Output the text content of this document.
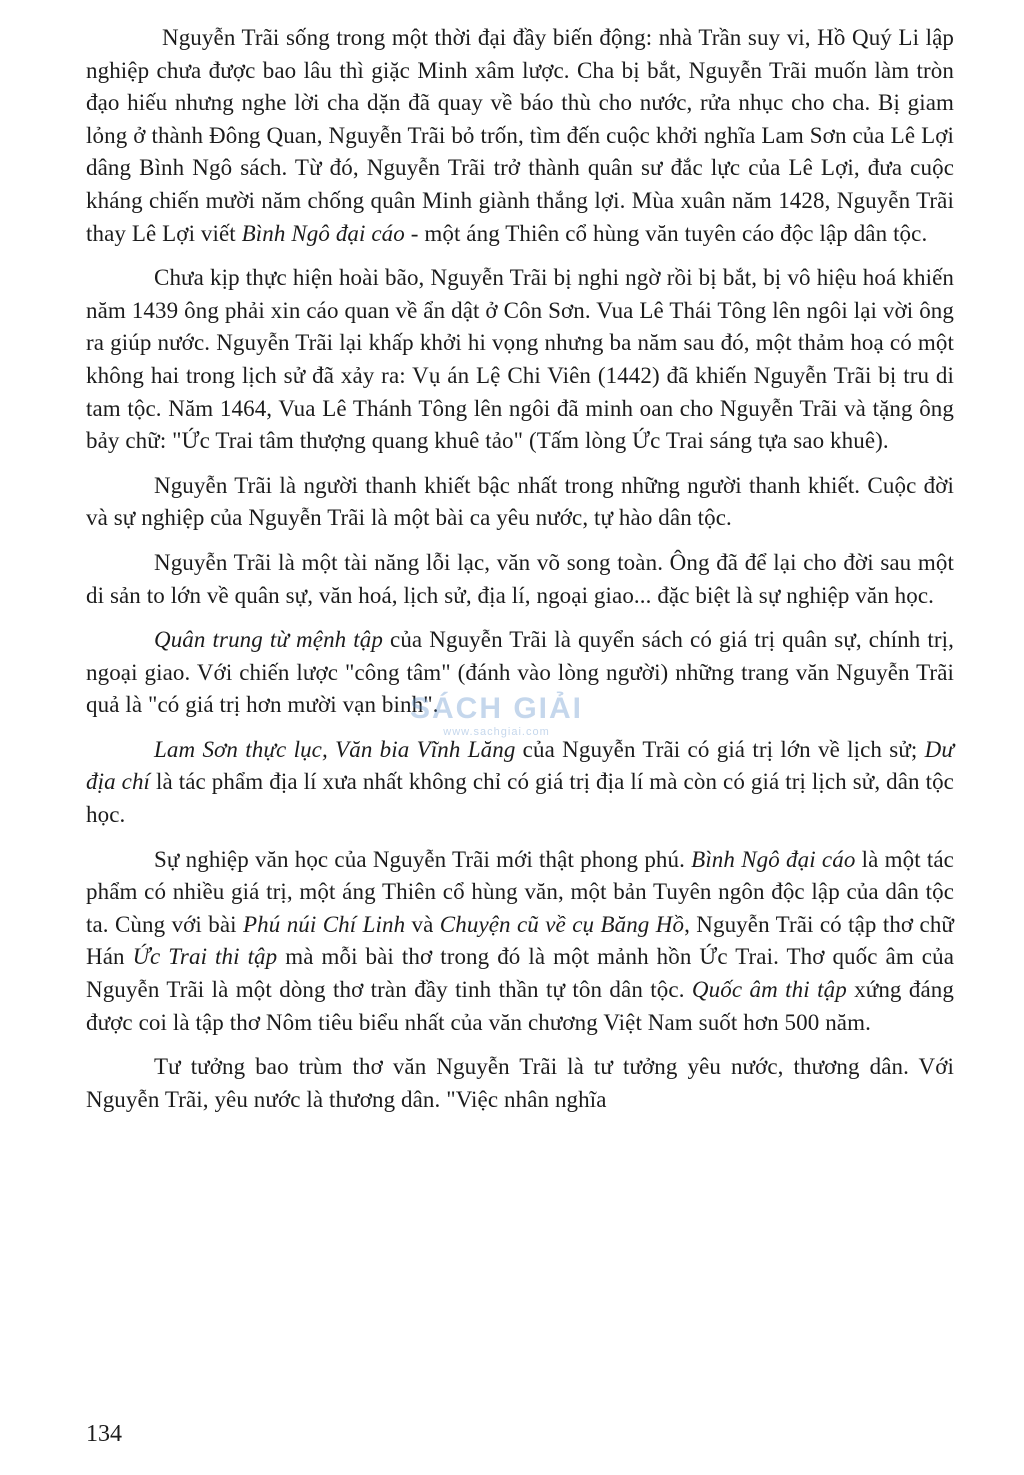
Nguyễn Trãi sống trong một thời đại đầy biến động: nhà Trần suy vi, Hồ Quý Li lập nghiệp chưa được bao lâu thì giặc Minh xâm lược. Cha bị bắt, Nguyễn Trãi muốn làm tròn đạo hiếu nhưng nghe lời cha dặn đã quay về báo thù cho nước, rửa nhục cho cha. Bị giam lỏng ở thành Đông Quan, Nguyễn Trãi bỏ trốn, tìm đến cuộc khởi nghĩa Lam Sơn của Lê Lợi dâng Bình Ngô sách. Từ đó, Nguyễn Trãi trở thành quân sư đắc lực của Lê Lợi, đưa cuộc kháng chiến mười năm chống quân Minh giành thắng lợi. Mùa xuân năm 1428, Nguyễn Trãi thay Lê Lợi viết Bình Ngô đại cáo - một áng Thiên cổ hùng văn tuyên cáo độc lập dân tộc.

Chưa kịp thực hiện hoài bão, Nguyễn Trãi bị nghi ngờ rồi bị bắt, bị vô hiệu hoá khiến năm 1439 ông phải xin cáo quan về ẩn dật ở Côn Sơn. Vua Lê Thái Tông lên ngôi lại vời ông ra giúp nước. Nguyễn Trãi lại khấp khởi hi vọng nhưng ba năm sau đó, một thảm hoạ có một không hai trong lịch sử đã xảy ra: Vụ án Lệ Chi Viên (1442) đã khiến Nguyễn Trãi bị tru di tam tộc. Năm 1464, Vua Lê Thánh Tông lên ngôi đã minh oan cho Nguyễn Trãi và tặng ông bảy chữ: "Ức Trai tâm thượng quang khuê tảo" (Tấm lòng Ức Trai sáng tựa sao khuê).

Nguyễn Trãi là người thanh khiết bậc nhất trong những người thanh khiết. Cuộc đời và sự nghiệp của Nguyễn Trãi là một bài ca yêu nước, tự hào dân tộc.

Nguyễn Trãi là một tài năng lỗi lạc, văn võ song toàn. Ông đã để lại cho đời sau một di sản to lớn về quân sự, văn hoá, lịch sử, địa lí, ngoại giao... đặc biệt là sự nghiệp văn học.

Quân trung từ mệnh tập của Nguyễn Trãi là quyển sách có giá trị quân sự, chính trị, ngoại giao. Với chiến lược "công tâm" (đánh vào lòng người) những trang văn Nguyễn Trãi quả là "có giá trị hơn mười vạn binh".

Lam Sơn thực lục, Văn bia Vĩnh Lăng của Nguyễn Trãi có giá trị lớn về lịch sử; Dư địa chí là tác phẩm địa lí xưa nhất không chỉ có giá trị địa lí mà còn có giá trị lịch sử, dân tộc học.

Sự nghiệp văn học của Nguyễn Trãi mới thật phong phú. Bình Ngô đại cáo là một tác phẩm có nhiều giá trị, một áng Thiên cổ hùng văn, một bản Tuyên ngôn độc lập của dân tộc ta. Cùng với bài Phú núi Chí Linh và Chuyện cũ về cụ Băng Hồ, Nguyễn Trãi có tập thơ chữ Hán Ức Trai thi tập mà mỗi bài thơ trong đó là một mảnh hồn Ức Trai. Thơ quốc âm của Nguyễn Trãi là một dòng thơ tràn đầy tinh thần tự tôn dân tộc. Quốc âm thi tập xứng đáng được coi là tập thơ Nôm tiêu biểu nhất của văn chương Việt Nam suốt hơn 500 năm.

Tư tưởng bao trùm thơ văn Nguyễn Trãi là tư tưởng yêu nước, thương dân. Với Nguyễn Trãi, yêu nước là thương dân. "Việc nhân nghĩa

SÁCH GIẢI
www.sachgiai.com
134
